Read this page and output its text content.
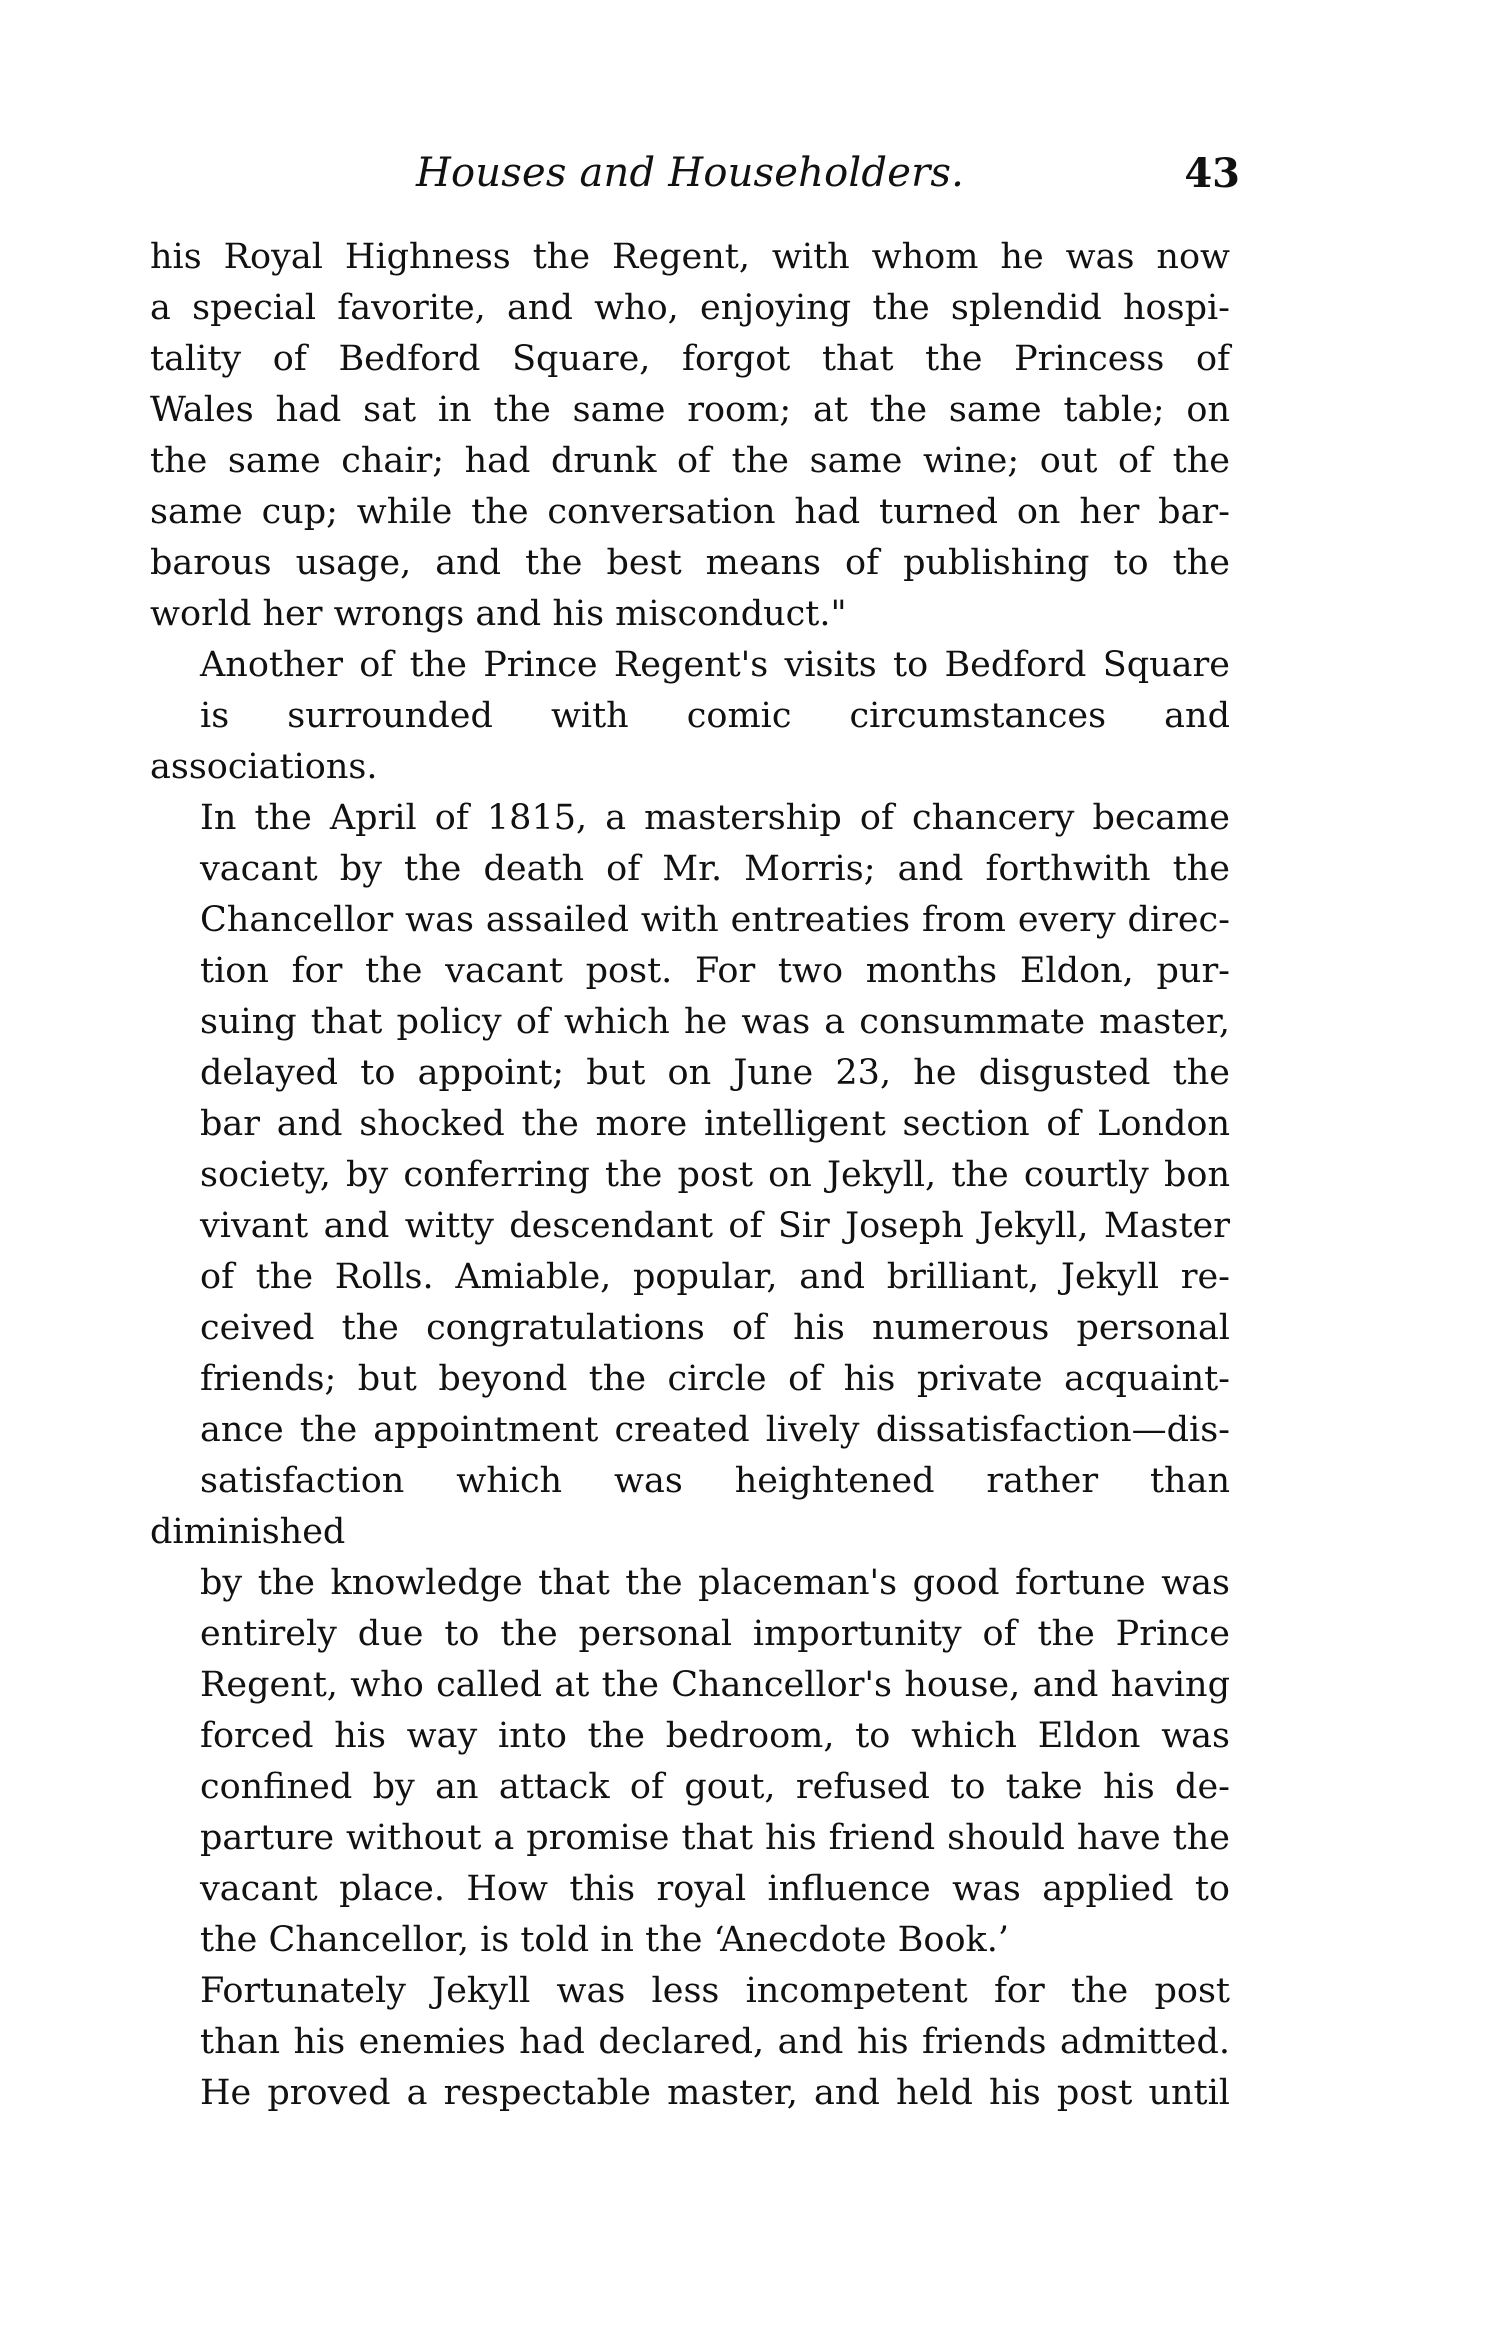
Houses and Householders.	43

his Royal Highness the Regent, with whom he was now
a special favorite, and who, enjoying the splendid hospi-
tality of Bedford Square, forgot that the Princess of
Wales had sat in the same room; at the same table; on
the same chair; had drunk of the same wine; out of the
same cup; while the conversation had turned on her bar-
barous usage, and the best means of publishing to the
world her wrongs and his misconduct."

Another of the Prince Regent's visits to Bedford Square
is surrounded with comic circumstances and associations.
In the April of 1815, a mastership of chancery became
vacant by the death of Mr. Morris; and forthwith the
Chancellor was assailed with entreaties from every direc-
tion for the vacant post. For two months Eldon, pur-
suing that policy of which he was a consummate master,
delayed to appoint; but on June 23, he disgusted the
bar and shocked the more intelligent section of London
society, by conferring the post on Jekyll, the courtly bon
vivant and witty descendant of Sir Joseph Jekyll, Master
of the Rolls. Amiable, popular, and brilliant, Jekyll re-
ceived the congratulations of his numerous personal
friends; but beyond the circle of his private acquaint-
ance the appointment created lively dissatisfaction—dis-
satisfaction which was heightened rather than diminished
by the knowledge that the placeman's good fortune was
entirely due to the personal importunity of the Prince
Regent, who called at the Chancellor's house, and having
forced his way into the bedroom, to which Eldon was
confined by an attack of gout, refused to take his de-
parture without a promise that his friend should have the
vacant place. How this royal influence was applied to
the Chancellor, is told in the ‘Anecdote Book.’

Fortunately Jekyll was less incompetent for the post
than his enemies had declared, and his friends admitted.
He proved a respectable master, and held his post until
